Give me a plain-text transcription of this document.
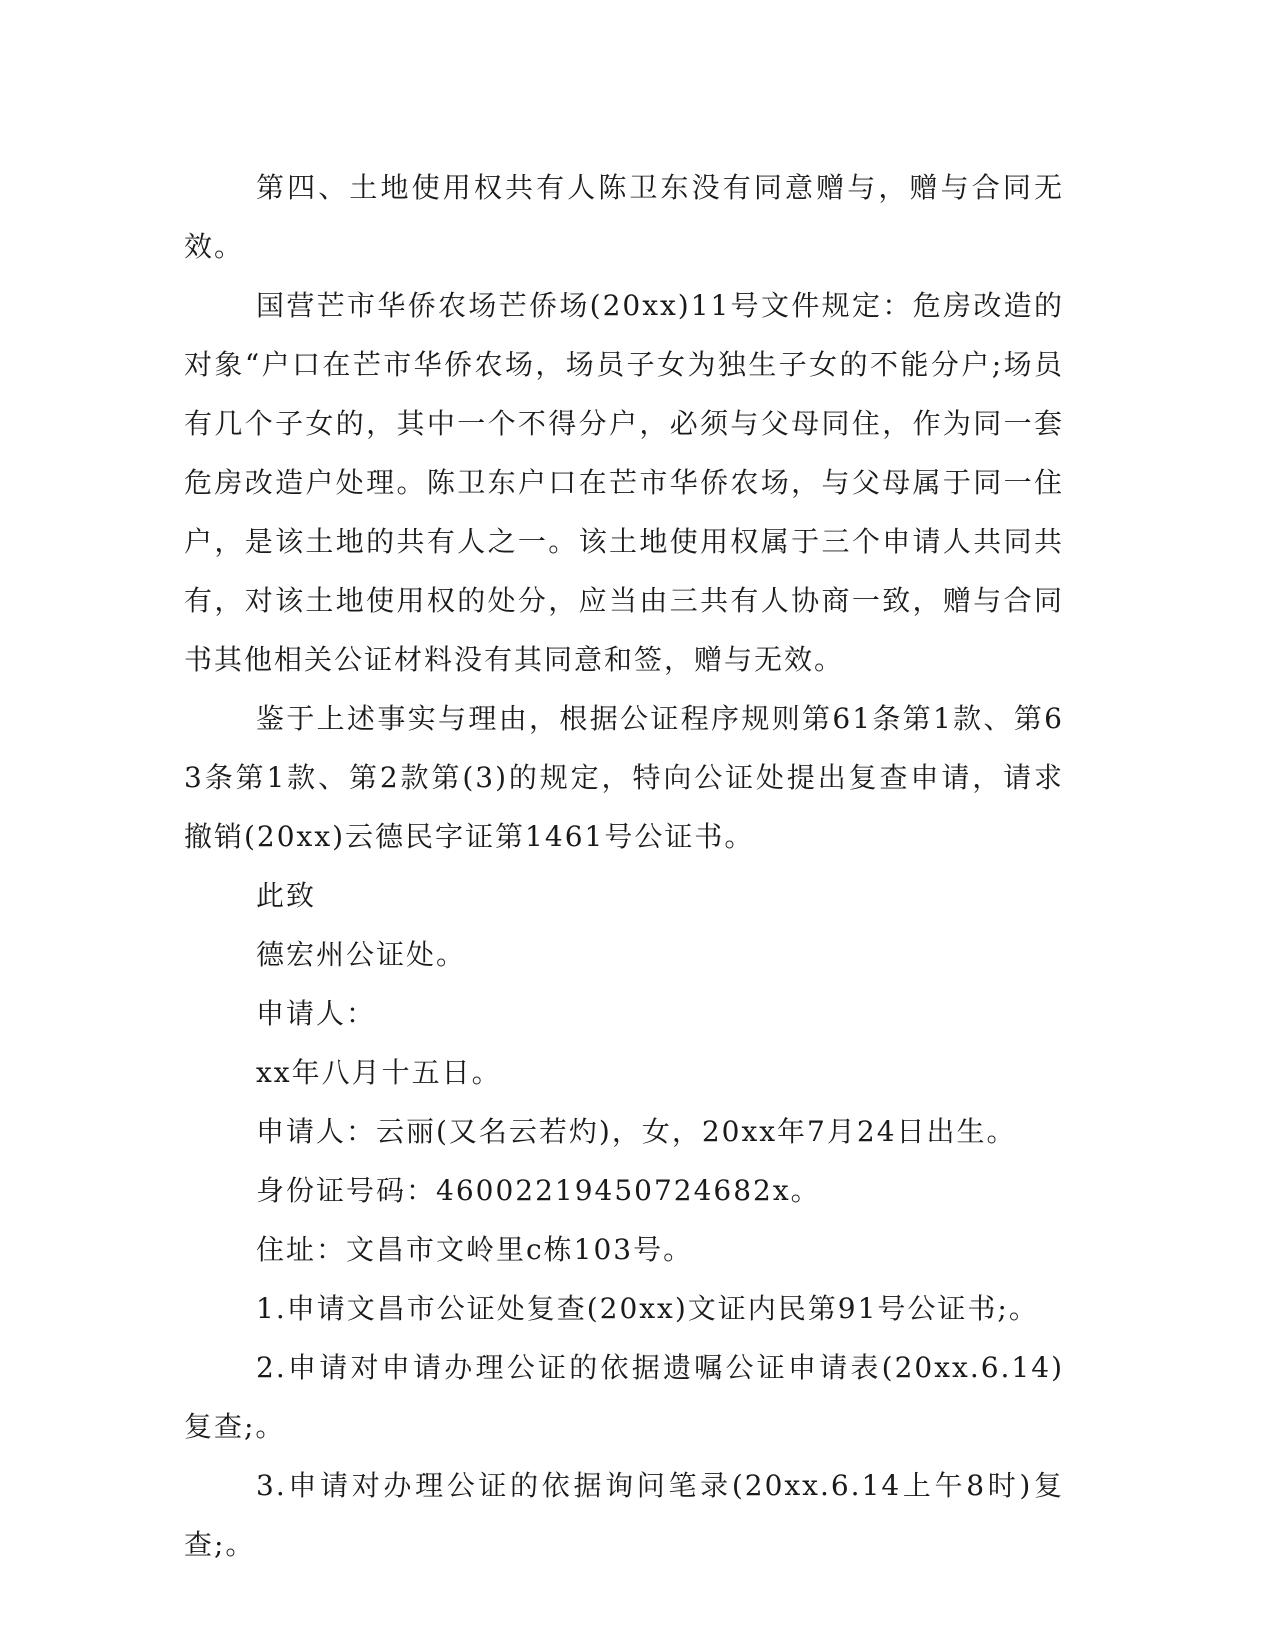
第四、土地使用权共有人陈卫东没有同意赠与，赠与合同无效。

国营芒市华侨农场芒侨场(20xx)11号文件规定：危房改造的对象“户口在芒市华侨农场，场员子女为独生子女的不能分户;场员有几个子女的，其中一个不得分户，必须与父母同住，作为同一套危房改造户处理。陈卫东户口在芒市华侨农场，与父母属于同一住户，是该土地的共有人之一。该土地使用权属于三个申请人共同共有，对该土地使用权的处分，应当由三共有人协商一致，赠与合同书其他相关公证材料没有其同意和签，赠与无效。

鉴于上述事实与理由，根据公证程序规则第61条第1款、第63条第1款、第2款第(3)的规定，特向公证处提出复查申请，请求撤销(20xx)云德民字证第1461号公证书。

此致

德宏州公证处。

申请人：

xx年八月十五日。

申请人：云丽(又名云若灼)，女，20xx年7月24日出生。

身份证号码：46002219450724682x。

住址：文昌市文岭里c栋103号。

1.申请文昌市公证处复查(20xx)文证内民第91号公证书;。

2.申请对申请办理公证的依据遗嘱公证申请表(20xx.6.14)复查;。

3.申请对办理公证的依据询问笔录(20xx.6.14上午8时)复查;。
